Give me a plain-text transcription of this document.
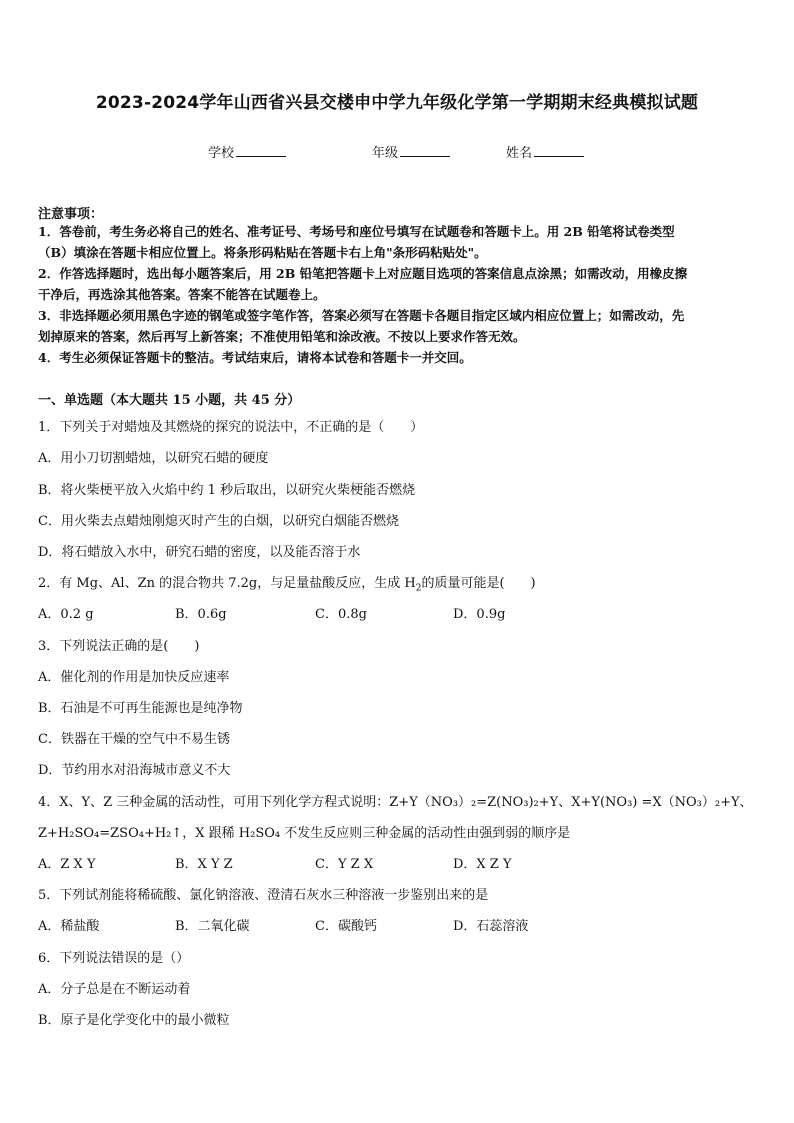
2023-2024学年山西省兴县交楼申中学九年级化学第一学期期末经典模拟试题
学校	年级	姓名
注意事项：

1．答卷前，考生务必将自己的姓名、准考证号、考场号和座位号填写在试题卷和答题卡上。用 2B 铅笔将试卷类型

（B）填涂在答题卡相应位置上。将条形码粘贴在答题卡右上角"条形码粘贴处"。

2．作答选择题时，选出每小题答案后，用 2B 铅笔把答题卡上对应题目选项的答案信息点涂黑；如需改动，用橡皮擦

干净后，再选涂其他答案。答案不能答在试题卷上。

3．非选择题必须用黑色字迹的钢笔或签字笔作答，答案必须写在答题卡各题目指定区域内相应位置上；如需改动，先

划掉原来的答案，然后再写上新答案；不准使用铅笔和涂改液。不按以上要求作答无效。

4．考生必须保证答题卡的整洁。考试结束后，请将本试卷和答题卡一并交回。

一、单选题（本大题共 15 小题，共 45 分）
1．下列关于对蜡烛及其燃烧的探究的说法中，不正确的是（　　）
A．用小刀切割蜡烛，以研究石蜡的硬度
B．将火柴梗平放入火焰中约 1 秒后取出，以研究火柴梗能否燃烧
C．用火柴去点蜡烛刚熄灭时产生的白烟，以研究白烟能否燃烧
D．将石蜡放入水中，研究石蜡的密度，以及能否溶于水
2．有 Mg、Al、Zn 的混合物共 7.2g，与足量盐酸反应，生成 $H_2$的质量可能是(　　)
A．0.2 g	B．0.6g	C．0.8g	D．0.9g
3．下列说法正确的是(　　)
A．催化剂的作用是加快反应速率
B．石油是不可再生能源也是纯净物
C．铁器在干燥的空气中不易生锈
D．节约用水对沿海城市意义不大
4．X、Y、Z 三种金属的活动性，可用下列化学方程式说明：Z+Y（NO₃）₂=Z(NO₃)₂+Y、X+Y(NO₃) =X（NO₃）₂+Y、
Z+H₂SO₄=ZSO₄+H₂↑，X 跟稀 H₂SO₄ 不发生反应则三种金属的活动性由强到弱的顺序是
A．Z X Y	B．X Y Z	C．Y Z X	D．X Z Y
5．下列试剂能将稀硫酸、氯化钠溶液、澄清石灰水三种溶液一步鉴别出来的是
A．稀盐酸	B．二氧化碳	C．碳酸钙	D．石蕊溶液
6．下列说法错误的是（）
A．分子总是在不断运动着
B．原子是化学变化中的最小微粒
